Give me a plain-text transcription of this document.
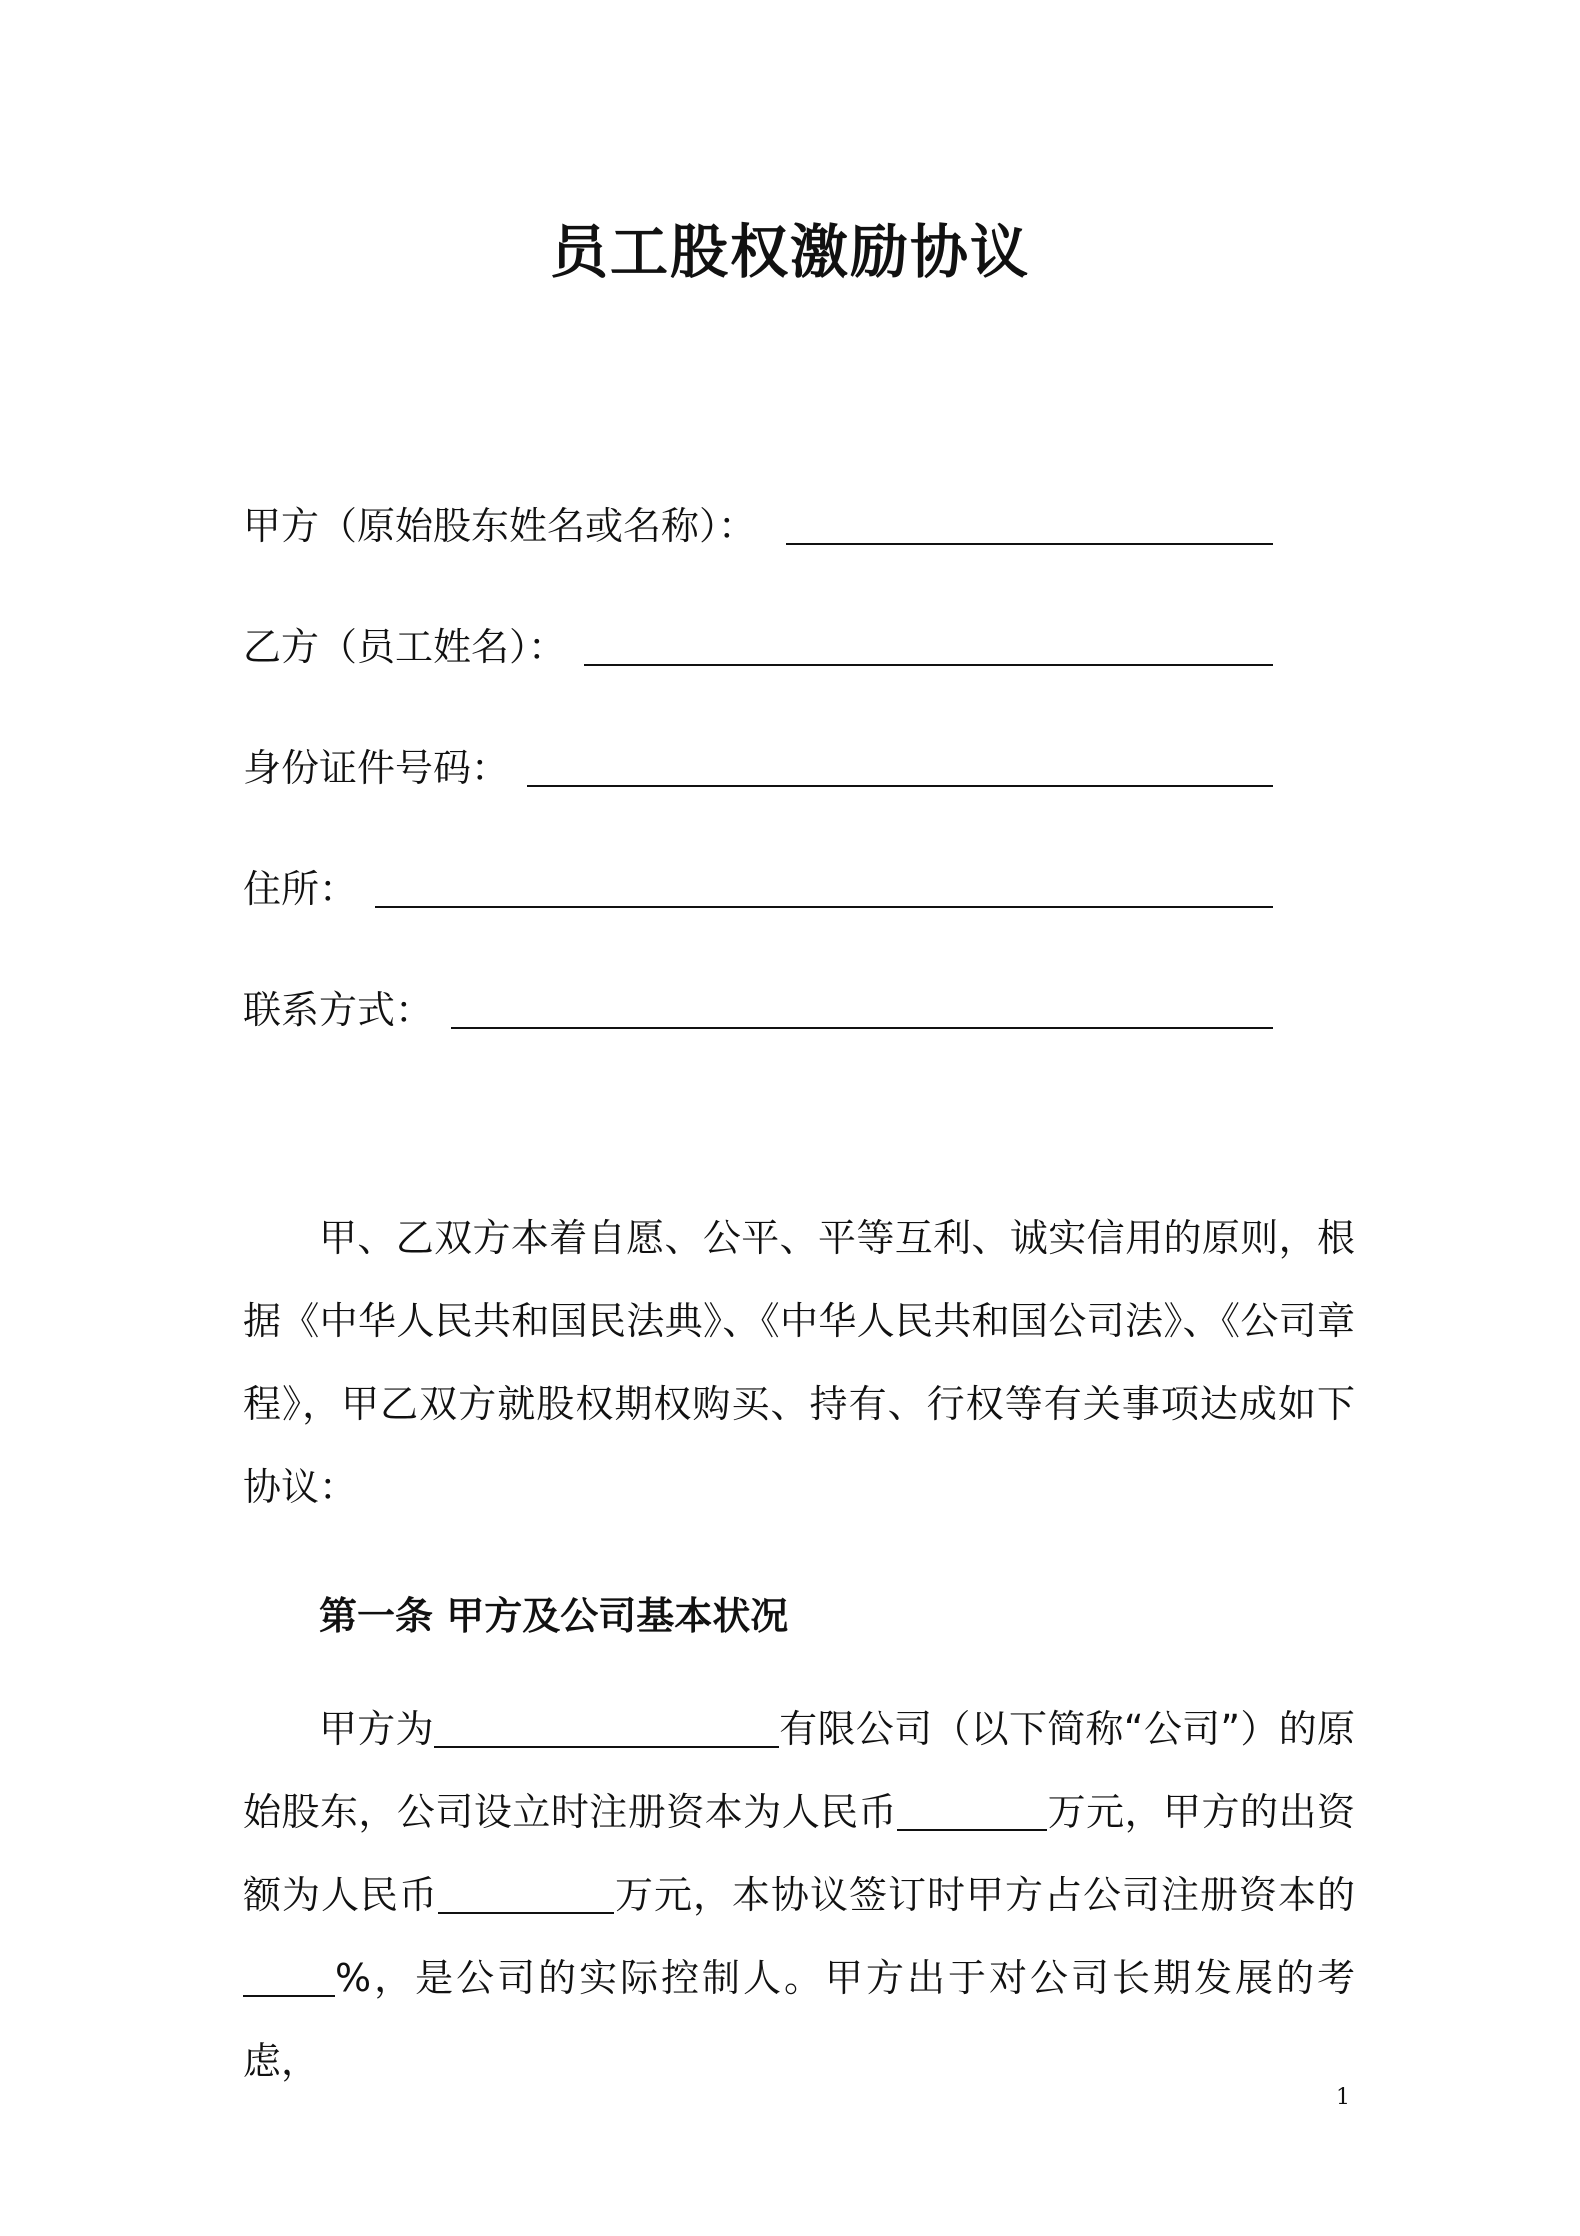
员工股权激励协议
甲方（原始股东姓名或名称）：
乙方（员工姓名）：
身份证件号码：
住所：
联系方式：
甲、乙双方本着自愿、公平、平等互利、诚实信用的原则，根据《中华人民共和国民法典》、《中华人民共和国公司法》、《公司章程》，甲乙双方就股权期权购买、持有、行权等有关事项达成如下协议：
第一条 甲方及公司基本状况
甲方为	有限公司（以下简称“公司”）的原始股东，公司设立时注册资本为人民币	万元，甲方的出资额为人民币	万元，本协议签订时甲方占公司注册资本的%，是公司的实际控制人。甲方出于对公司长期发展的考虑，
1
